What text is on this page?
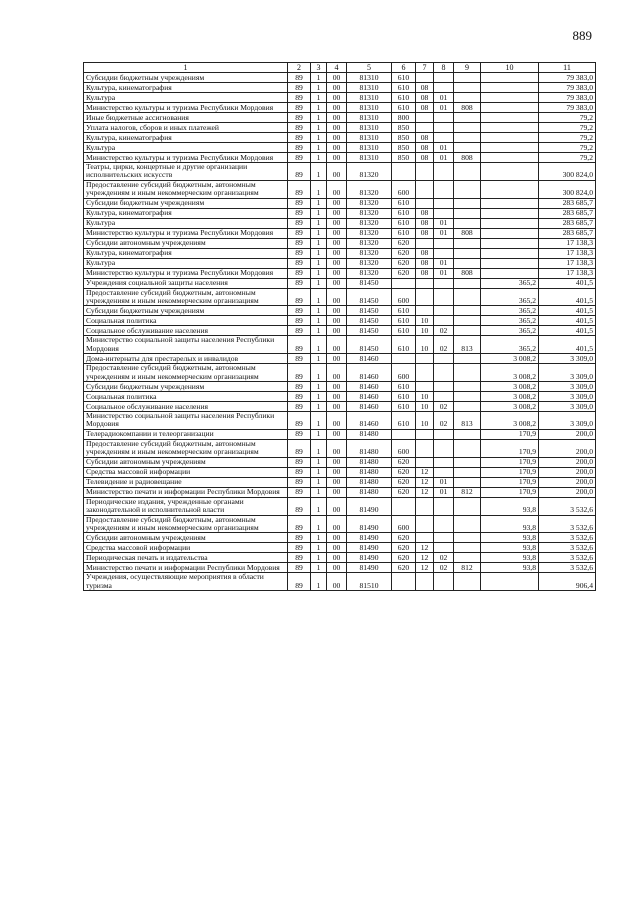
889
1	2	3	4	5	6	7	8	9	10	11
Субсидии бюджетным учреждениям	89	1	00	81310	610					79 383,0
Культура, кинематография	89	1	00	81310	610	08				79 383,0
Культура	89	1	00	81310	610	08	01			79 383,0
Министерство культуры и туризма Республики Мордовия	89	1	00	81310	610	08	01	808		79 383,0
Иные бюджетные ассигнования	89	1	00	81310	800					79,2
Уплата налогов, сборов и иных платежей	89	1	00	81310	850					79,2
Культура, кинематография	89	1	00	81310	850	08				79,2
Культура	89	1	00	81310	850	08	01			79,2
Министерство культуры и туризма Республики Мордовия	89	1	00	81310	850	08	01	808		79,2
Театры, цирки, концертные и другие организации исполнительских искусств	89	1	00	81320						300 824,0
Предоставление субсидий бюджетным, автономным учреждениям и иным некоммерческим организациям	89	1	00	81320	600					300 824,0
Субсидии бюджетным учреждениям	89	1	00	81320	610					283 685,7
Культура, кинематография	89	1	00	81320	610	08				283 685,7
Культура	89	1	00	81320	610	08	01			283 685,7
Министерство культуры и туризма Республики Мордовия	89	1	00	81320	610	08	01	808		283 685,7
Субсидии автономным учреждениям	89	1	00	81320	620					17 138,3
Культура, кинематография	89	1	00	81320	620	08				17 138,3
Культура	89	1	00	81320	620	08	01			17 138,3
Министерство культуры и туризма Республики Мордовия	89	1	00	81320	620	08	01	808		17 138,3
Учреждения социальной защиты населения	89	1	00	81450					365,2	401,5
Предоставление субсидий бюджетным, автономным учреждениям и иным некоммерческим организациям	89	1	00	81450	600				365,2	401,5
Субсидии бюджетным учреждениям	89	1	00	81450	610				365,2	401,5
Социальная политика	89	1	00	81450	610	10			365,2	401,5
Социальное обслуживание населения	89	1	00	81450	610	10	02		365,2	401,5
Министерство социальной защиты населения Республики Мордовия	89	1	00	81450	610	10	02	813	365,2	401,5
Дома-интернаты для престарелых и инвалидов	89	1	00	81460					3 008,2	3 309,0
Предоставление субсидий бюджетным, автономным учреждениям и иным некоммерческим организациям	89	1	00	81460	600				3 008,2	3 309,0
Субсидии бюджетным учреждениям	89	1	00	81460	610				3 008,2	3 309,0
Социальная политика	89	1	00	81460	610	10			3 008,2	3 309,0
Социальное обслуживание населения	89	1	00	81460	610	10	02		3 008,2	3 309,0
Министерство социальной защиты населения Республики Мордовия	89	1	00	81460	610	10	02	813	3 008,2	3 309,0
Телерадиокомпании и телеорганизации	89	1	00	81480					170,9	200,0
Предоставление субсидий бюджетным, автономным учреждениям и иным некоммерческим организациям	89	1	00	81480	600				170,9	200,0
Субсидии автономным учреждениям	89	1	00	81480	620				170,9	200,0
Средства массовой информации	89	1	00	81480	620	12			170,9	200,0
Телевидение и радиовещание	89	1	00	81480	620	12	01		170,9	200,0
Министерство печати и информации Республики Мордовия	89	1	00	81480	620	12	01	812	170,9	200,0
Периодические издания, учрежденные органами законодательной и исполнительной власти	89	1	00	81490					93,8	3 532,6
Предоставление субсидий бюджетным, автономным учреждениям и иным некоммерческим организациям	89	1	00	81490	600				93,8	3 532,6
Субсидии автономным учреждениям	89	1	00	81490	620				93,8	3 532,6
Средства массовой информации	89	1	00	81490	620	12			93,8	3 532,6
Периодическая печать и издательства	89	1	00	81490	620	12	02		93,8	3 532,6
Министерство печати и информации Республики Мордовия	89	1	00	81490	620	12	02	812	93,8	3 532,6
Учреждения, осуществляющие мероприятия в области туризма	89	1	00	81510						906,4
